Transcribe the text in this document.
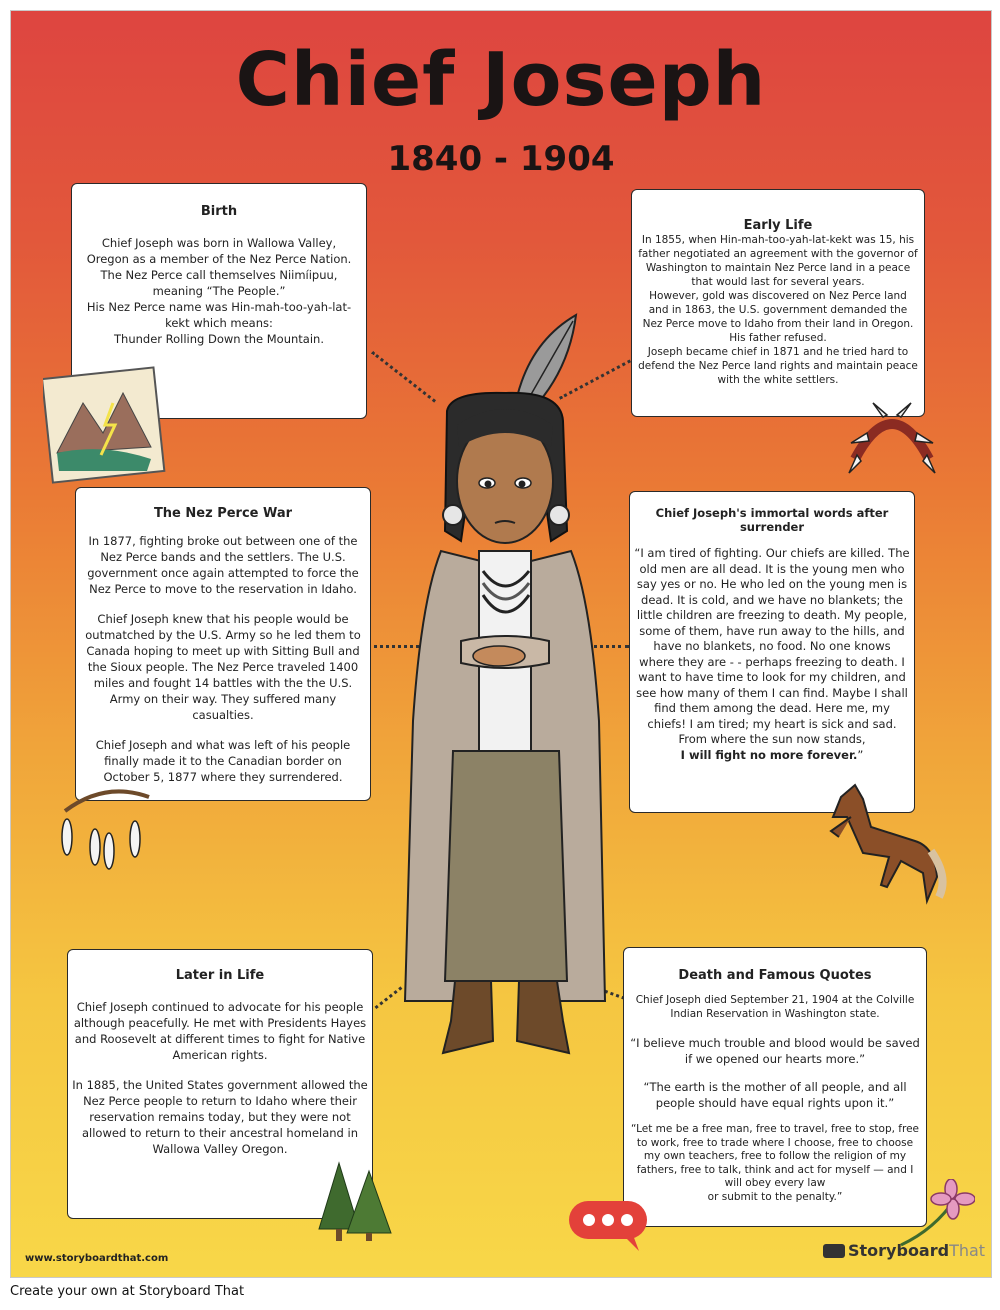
Chief Joseph
1840 - 1904
Birth

Chief Joseph was born in Wallowa Valley, Oregon as a member of the Nez Perce Nation. The Nez Perce call themselves Niimíipuu, meaning “The People.”

His Nez Perce name was Hin-mah-too-yah-lat-kekt which means:

Thunder Rolling Down the Mountain.

Early Life

In 1855, when Hin-mah-too-yah-lat-kekt was 15, his father negotiated an agreement with the governor of Washington to maintain Nez Perce land in a peace that would last for several years.

However, gold was discovered on Nez Perce land and in 1863, the U.S. government demanded the Nez Perce move to Idaho from their land in Oregon.

His father refused.

Joseph became chief in 1871 and he tried hard to defend the Nez Perce land rights and maintain peace with the white settlers.

The Nez Perce War

In 1877, fighting broke out between one of the Nez Perce bands and the settlers. The U.S. government once again attempted to force the Nez Perce to move to the reservation in Idaho.

Chief Joseph knew that his people would be outmatched by the U.S. Army so he led them to Canada hoping to meet up with Sitting Bull and the Sioux people. The Nez Perce traveled 1400 miles and fought 14 battles with the the U.S. Army on their way. They suffered many casualties.

Chief Joseph and what was left of his people finally made it to the Canadian border on October 5, 1877 where they surrendered.

Chief Joseph's immortal words after surrender

“I am tired of fighting. Our chiefs are killed. The old men are all dead. It is the young men who say yes or no. He who led on the young men is dead. It is cold, and we have no blankets; the little children are freezing to death. My people, some of them, have run away to the hills, and have no blankets, no food. No one knows where they are - - perhaps freezing to death. I want to have time to look for my children, and see how many of them I can find. Maybe I shall find them among the dead. Here me, my chiefs! I am tired; my heart is sick and sad. From where the sun now stands,
I will fight no more forever.”

Later in Life

Chief Joseph continued to advocate for his people although peacefully. He met with Presidents Hayes and Roosevelt at different times to fight for Native American rights.

In 1885, the United States government allowed the Nez Perce people to return to Idaho where their reservation remains today, but they were not allowed to return to their ancestral homeland in Wallowa Valley Oregon.

Death and Famous Quotes

Chief Joseph died September 21, 1904 at the Colville Indian Reservation in Washington state.

“I believe much trouble and blood would be saved if we opened our hearts more.”

“The earth is the mother of all people, and all people should have equal rights upon it.”

“Let me be a free man, free to travel, free to stop, free to work, free to trade where I choose, free to choose my own teachers, free to follow the religion of my fathers, free to talk, think and act for myself — and I will obey every law
or submit to the penalty.”

www.storyboardthat.com	StoryboardThat
Create your own at Storyboard That
